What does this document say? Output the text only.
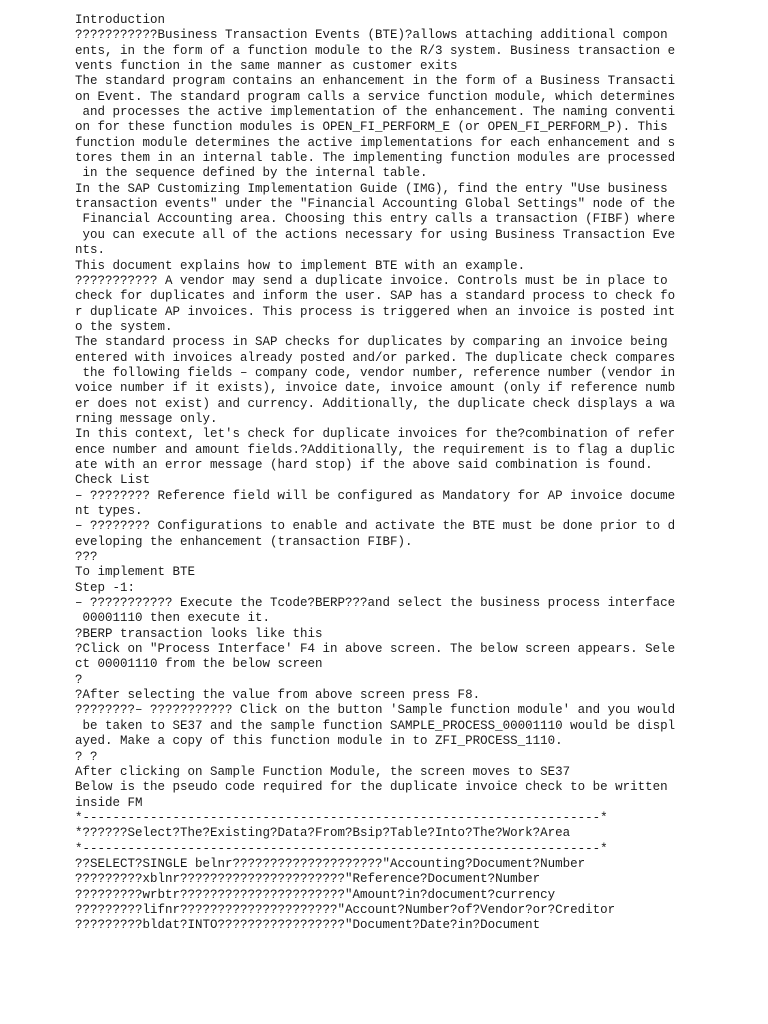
Introduction
???????????Business Transaction Events (BTE)?allows attaching additional compon
ents, in the form of a function module to the R/3 system. Business transaction e
vents function in the same manner as customer exits
The standard program contains an enhancement in the form of a Business Transacti
on Event. The standard program calls a service function module, which determines
and processes the active implementation of the enhancement. The naming conventi
on for these function modules is OPEN_FI_PERFORM_E (or OPEN_FI_PERFORM_P). This
function module determines the active implementations for each enhancement and s
tores them in an internal table. The implementing function modules are processed
in the sequence defined by the internal table.
In the SAP Customizing Implementation Guide (IMG), find the entry "Use business
transaction events" under the "Financial Accounting Global Settings" node of the
Financial Accounting area. Choosing this entry calls a transaction (FIBF) where
you can execute all of the actions necessary for using Business Transaction Eve
nts.
This document explains how to implement BTE with an example.
??????????? A vendor may send a duplicate invoice. Controls must be in place to
check for duplicates and inform the user. SAP has a standard process to check fo
r duplicate AP invoices. This process is triggered when an invoice is posted int
o the system.
The standard process in SAP checks for duplicates by comparing an invoice being
entered with invoices already posted and/or parked. The duplicate check compares
the following fields – company code, vendor number, reference number (vendor in
voice number if it exists), invoice date, invoice amount (only if reference numb
er does not exist) and currency. Additionally, the duplicate check displays a wa
rning message only.
In this context, let's check for duplicate invoices for the?combination of refer
ence number and amount fields.?Additionally, the requirement is to flag a duplic
ate with an error message (hard stop) if the above said combination is found.
Check List
– ???????? Reference field will be configured as Mandatory for AP invoice docume
nt types.
– ???????? Configurations to enable and activate the BTE must be done prior to d
eveloping the enhancement (transaction FIBF).
???
To implement BTE
Step -1:
– ??????????? Execute the Tcode?BERP???and select the business process interface
00001110 then execute it.
?BERP transaction looks like this
?Click on "Process Interface' F4 in above screen. The below screen appears. Sele
ct 00001110 from the below screen
?
?After selecting the value from above screen press F8.
????????– ??????????? Click on the button 'Sample function module' and you would
be taken to SE37 and the sample function SAMPLE_PROCESS_00001110 would be displ
ayed. Make a copy of this function module in to ZFI_PROCESS_1110.
? ?
After clicking on Sample Function Module, the screen moves to SE37
Below is the pseudo code required for the duplicate invoice check to be written
inside FM
*---------------------------------------------------------------------*
*??????Select?The?Existing?Data?From?Bsip?Table?Into?The?Work?Area
*---------------------------------------------------------------------*
??SELECT?SINGLE belnr????????????????????"Accounting?Document?Number
?????????xblnr??????????????????????"Reference?Document?Number
?????????wrbtr??????????????????????"Amount?in?document?currency
?????????lifnr?????????????????????"Account?Number?of?Vendor?or?Creditor
?????????bldat?INTO?????????????????"Document?Date?in?Document
